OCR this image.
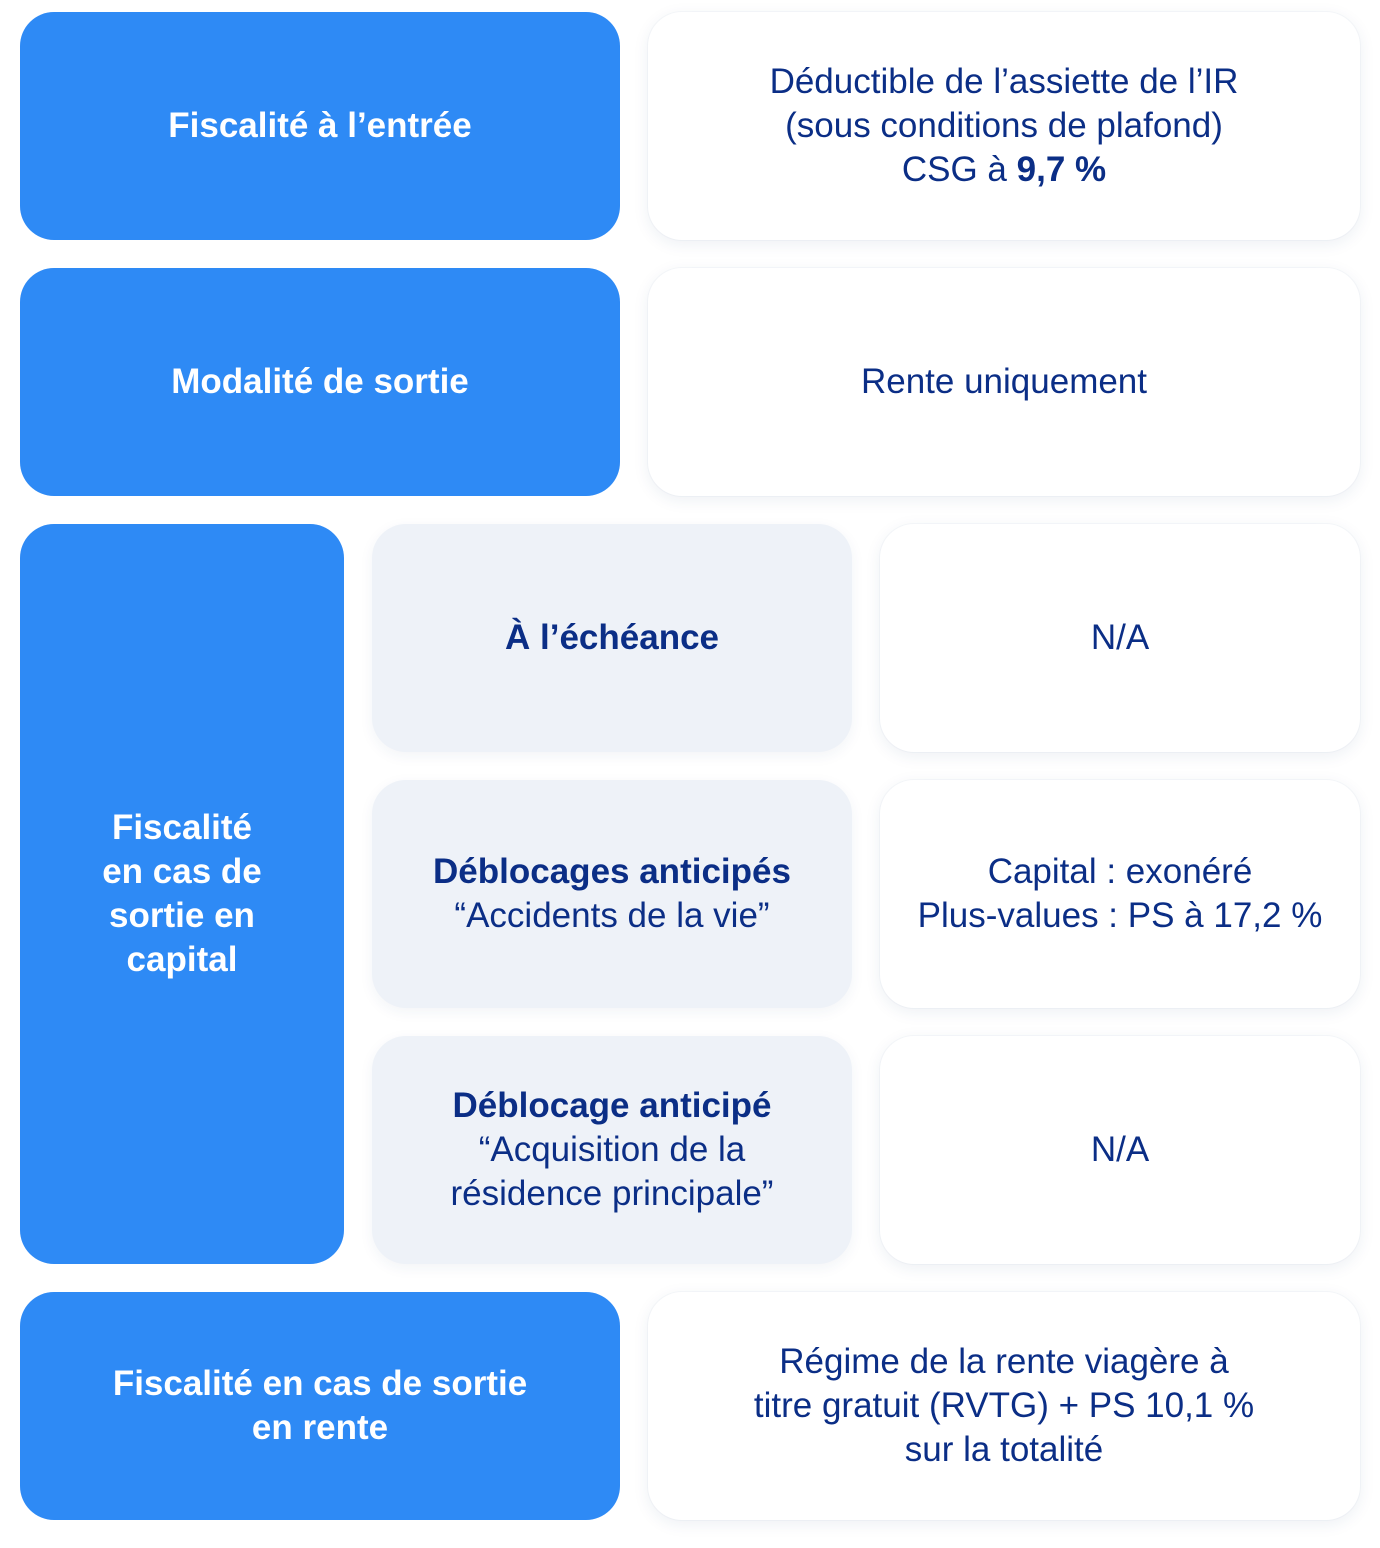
Fiscalité à l’entrée
Déductible de l’assiette de l’IR
(sous conditions de plafond)
CSG à 9,7 %
Modalité de sortie	Rente uniquement
Fiscalité
en cas de
sortie en
capital
À l’échéance	N/A
Déblocages anticipés
“Accidents de la vie”
Capital : exonéré
Plus-values : PS à 17,2 %
Déblocage anticipé
“Acquisition de la
résidence principale”
N/A
Fiscalité en cas de sortie
en rente
Régime de la rente viagère à
titre gratuit (RVTG) + PS 10,1 %
sur la totalité
